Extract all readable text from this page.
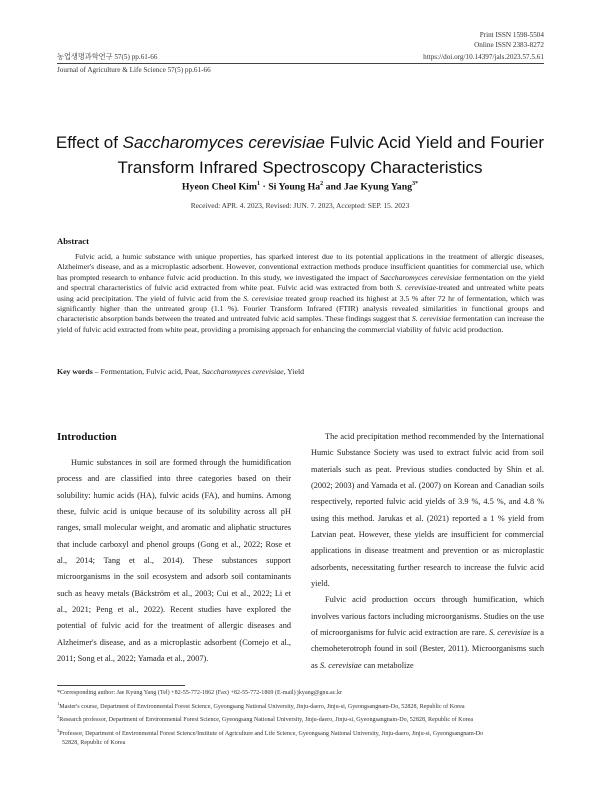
Print ISSN 1598-5504
Online ISSN 2383-8272
농업생명과학연구 57(5) pp.61-66	https://doi.org/10.14397/jals.2023.57.5.61
Journal of Agriculture & Life Science 57(5) pp.61-66
Effect of Saccharomyces cerevisiae Fulvic Acid Yield and Fourier
Transform Infrared Spectroscopy Characteristics
Hyeon Cheol Kim$^1$ · Si Young Ha$^2$ and Jae Kyung Yang$^{3*}$
Received: APR. 4. 2023, Revised: JUN. 7. 2023, Accepted: SEP. 15. 2023
Abstract
Fulvic acid, a humic substance with unique properties, has sparked interest due to its potential applications in the treatment of allergic diseases, Alzheimer's disease, and as a microplastic adsorbent. However, conventional extraction methods produce insufficient quantities for commercial use, which has prompted research to enhance fulvic acid production. In this study, we investigated the impact of Saccharomyces cerevisiae fermentation on the yield and spectral characteristics of fulvic acid extracted from white peat. Fulvic acid was extracted from both S. cerevisiae-treated and untreated white peats using acid precipitation. The yield of fulvic acid from the S. cerevisiae treated group reached its highest at 3.5 % after 72 hr of fermentation, which was significantly higher than the untreated group (1.1 %). Fourier Transform Infrared (FTIR) analysis revealed similarities in functional groups and characteristic absorption bands between the treated and untreated fulvic acid samples. These findings suggest that S. cerevisiae fermentation can increase the yield of fulvic acid extracted from white peat, providing a promising approach for enhancing the commercial viability of fulvic acid production.
Key words – Fermentation, Fulvic acid, Peat, Saccharomyces cerevisiae, Yield
Introduction

Humic substances in soil are formed through the humidification process and are classified into three categories based on their solubility: humic acids (HA), fulvic acids (FA), and humins. Among these, fulvic acid is unique because of its solubility across all pH ranges, small molecular weight, and aromatic and aliphatic structures that include carboxyl and phenol groups (Gong et al., 2022; Rose et al., 2014; Tang et al., 2014). These substances support microorganisms in the soil ecosystem and adsorb soil contaminants such as heavy metals (Bäckström et al., 2003; Cui et al., 2022; Li et al., 2021; Peng et al., 2022). Recent studies have explored the potential of fulvic acid for the treatment of allergic diseases and Alzheimer's disease, and as a microplastic adsorbent (Cornejo et al., 2011; Song et al., 2022; Yamada et al., 2007).

The acid precipitation method recommended by the International Humic Substance Society was used to extract fulvic acid from soil materials such as peat. Previous studies conducted by Shin et al. (2002; 2003) and Yamada et al. (2007) on Korean and Canadian soils respectively, reported fulvic acid yields of 3.9 %, 4.5 %, and 4.8 % using this method. Jarukas et al. (2021) reported a 1 % yield from Latvian peat. However, these yields are insufficient for commercial applications in disease treatment and prevention or as microplastic adsorbents, necessitating further research to increase the fulvic acid yield.

Fulvic acid production occurs through humification, which involves various factors including microorganisms. Studies on the use of microorganisms for fulvic acid extraction are rare. S. cerevisiae is a chemoheterotroph found in soil (Bester, 2011). Microorganisms such as S. cerevisiae can metabolize

*Corresponding author: Jae Kyung Yang (Tel) +82-55-772-1862 (Fax) +82-55-772-1869 (E-mail) jkyang@gnu.ac.kr
$^1$Master's course, Department of Environmental Forest Science, Gyeongsang National University, Jinju-daero, Jinju-si, Gyeongsangnam-Do, 52828, Republic of Korea
$^2$Research professor, Department of Environmental Forest Science, Gyeongsang National University, Jinju-daero, Jinju-si, Gyeongsangnam-Do, 52828, Republic of Korea
$^3$Professor, Department of Environmental Forest Science/Institute of Agriculture and Life Science, Gyeongsang National University, Jinju-daero, Jinju-si, Gyeongsangnam-Do
52828, Republic of Korea
